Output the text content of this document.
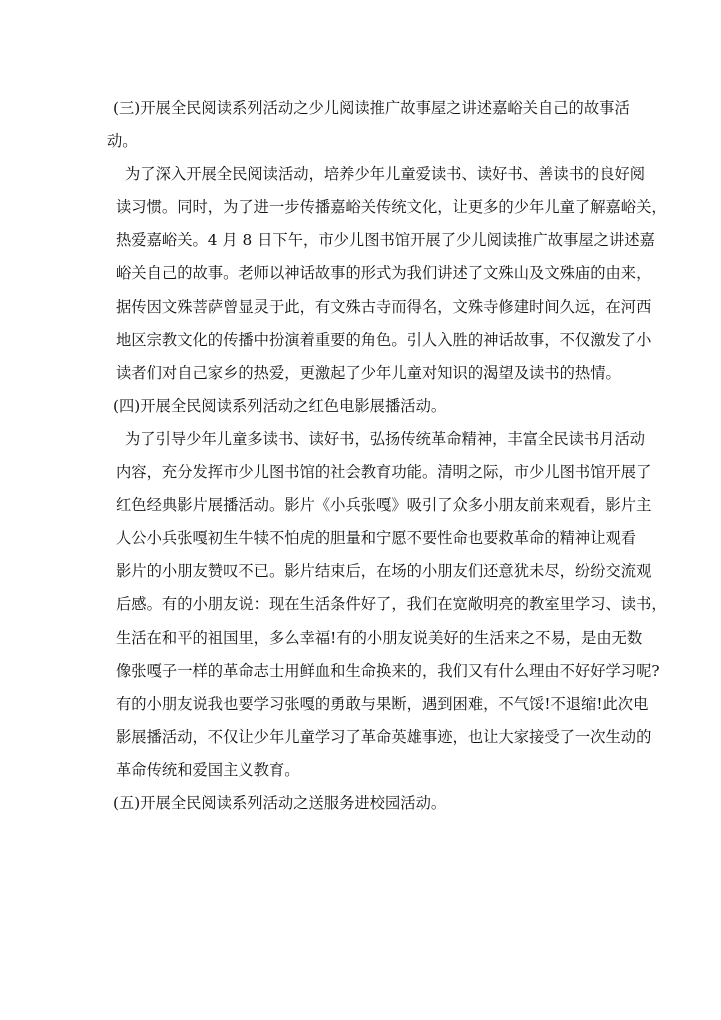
(三)开展全民阅读系列活动之少儿阅读推广故事屋之讲述嘉峪关自己的故事活
动。

为了深入开展全民阅读活动，培养少年儿童爱读书、读好书、善读书的良好阅
读习惯。同时，为了进一步传播嘉峪关传统文化，让更多的少年儿童了解嘉峪关，
热爱嘉峪关。4 月 8 日下午，市少儿图书馆开展了少儿阅读推广故事屋之讲述嘉
峪关自己的故事。老师以神话故事的形式为我们讲述了文殊山及文殊庙的由来，
据传因文殊菩萨曾显灵于此，有文殊古寺而得名，文殊寺修建时间久远，在河西
地区宗教文化的传播中扮演着重要的角色。引人入胜的神话故事，不仅激发了小
读者们对自己家乡的热爱，更激起了少年儿童对知识的渴望及读书的热情。

(四)开展全民阅读系列活动之红色电影展播活动。

为了引导少年儿童多读书、读好书，弘扬传统革命精神，丰富全民读书月活动
内容，充分发挥市少儿图书馆的社会教育功能。清明之际，市少儿图书馆开展了
红色经典影片展播活动。影片《小兵张嘎》吸引了众多小朋友前来观看，影片主
人公小兵张嘎初生牛犊不怕虎的胆量和宁愿不要性命也要救革命的精神让观看
影片的小朋友赞叹不已。影片结束后，在场的小朋友们还意犹未尽，纷纷交流观
后感。有的小朋友说：现在生活条件好了，我们在宽敞明亮的教室里学习、读书，
生活在和平的祖国里，多么幸福!有的小朋友说美好的生活来之不易，是由无数
像张嘎子一样的革命志士用鲜血和生命换来的，我们又有什么理由不好好学习呢?
有的小朋友说我也要学习张嘎的勇敢与果断，遇到困难，不气馁!不退缩!此次电
影展播活动，不仅让少年儿童学习了革命英雄事迹，也让大家接受了一次生动的
革命传统和爱国主义教育。

(五)开展全民阅读系列活动之送服务进校园活动。
